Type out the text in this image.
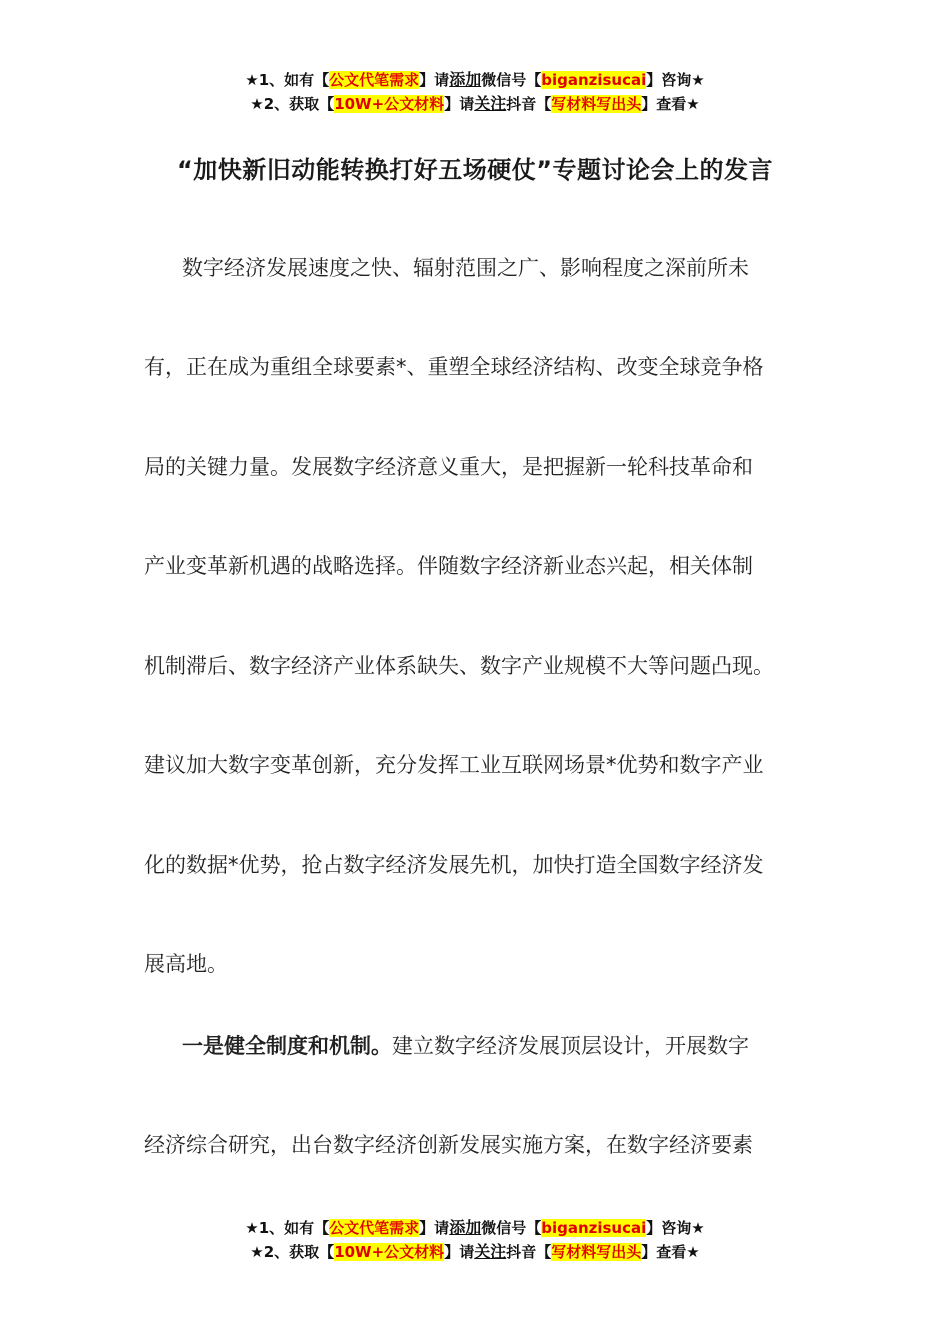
★1、如有【公文代笔需求】请添加微信号【biganzisucai】咨询★
★2、获取【10W+公文材料】请关注抖音【写材料写出头】查看★
“加快新旧动能转换打好五场硬仗”专题讨论会上的发言
数字经济发展速度之快、辐射范围之广、影响程度之深前所未
有，正在成为重组全球要素*、重塑全球经济结构、改变全球竞争格
局的关键力量。发展数字经济意义重大，是把握新一轮科技革命和
产业变革新机遇的战略选择。伴随数字经济新业态兴起，相关体制
机制滞后、数字经济产业体系缺失、数字产业规模不大等问题凸现。
建议加大数字变革创新，充分发挥工业互联网场景*优势和数字产业
化的数据*优势，抢占数字经济发展先机，加快打造全国数字经济发
展高地。
一是健全制度和机制。建立数字经济发展顶层设计，开展数字
经济综合研究，出台数字经济创新发展实施方案，在数字经济要素
★1、如有【公文代笔需求】请添加微信号【biganzisucai】咨询★
★2、获取【10W+公文材料】请关注抖音【写材料写出头】查看★
